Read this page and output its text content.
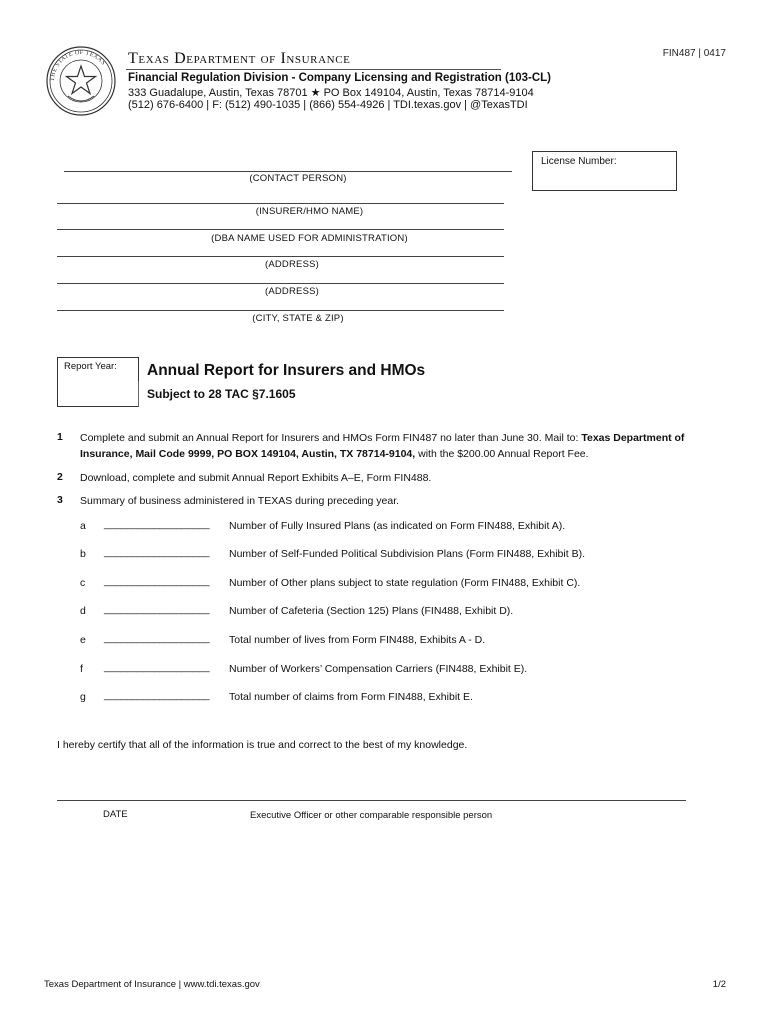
THE STATE OF TEXAS Texas Department of Insurance
Financial Regulation Division - Company Licensing and Registration (103-CL)
333 Guadalupe, Austin, Texas 78701 ★ PO Box 149104, Austin, Texas 78714-9104
(512) 676-6400 | F: (512) 490-1035 | (866) 554-4926 | TDI.texas.gov | @TexasTDI
FIN487 | 0417
License Number:
(CONTACT PERSON)
(INSURER/HMO NAME)
(DBA NAME USED FOR ADMINISTRATION)
(ADDRESS)
(ADDRESS)
(CITY, STATE & ZIP)
Report Year: Annual Report for Insurers and HMOs
Subject to 28 TAC §7.1605
1 Complete and submit an Annual Report for Insurers and HMOs Form FIN487 no later than June 30. Mail to: Texas Department of Insurance, Mail Code 9999, PO BOX 149104, Austin, TX 78714-9104, with the $200.00 Annual Report Fee.
2 Download, complete and submit Annual Report Exhibits A–E, Form FIN488.
3 Summary of business administered in TEXAS during preceding year.
a ___________________ Number of Fully Insured Plans (as indicated on Form FIN488, Exhibit A).
b ___________________ Number of Self-Funded Political Subdivision Plans (Form FIN488, Exhibit B).
c ___________________ Number of Other plans subject to state regulation (Form FIN488, Exhibit C).
d ___________________ Number of Cafeteria (Section 125) Plans (FIN488, Exhibit D).
e ___________________ Total number of lives from Form FIN488, Exhibits A - D.
f ___________________ Number of Workers’ Compensation Carriers (FIN488, Exhibit E).
g ___________________ Total number of claims from Form FIN488, Exhibit E.
I hereby certify that all of the information is true and correct to the best of my knowledge.
DATE	Executive Officer or other comparable responsible person
Texas Department of Insurance | www.tdi.texas.gov	1/2
